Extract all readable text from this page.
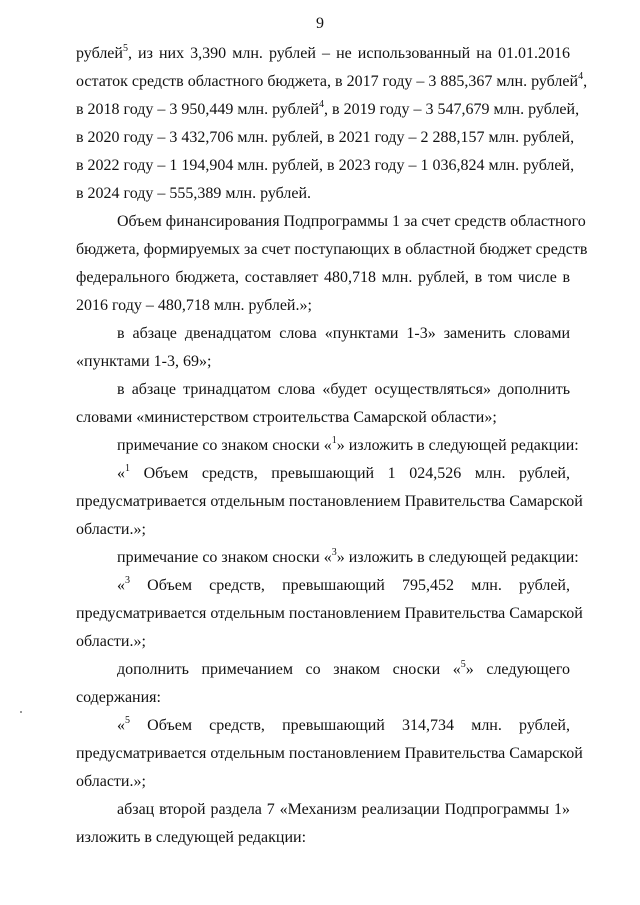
9
рублей$^5$, из них 3,390 млн. рублей – не использованный на 01.01.2016
остаток средств областного бюджета, в 2017 году – 3 885,367 млн. рублей$^4$,
в 2018 году – 3 950,449 млн. рублей$^4$, в 2019 году – 3 547,679 млн. рублей,
в 2020 году – 3 432,706 млн. рублей, в 2021 году – 2 288,157 млн. рублей,
в 2022 году – 1 194,904 млн. рублей, в 2023 году – 1 036,824 млн. рублей,
в 2024 году – 555,389 млн. рублей.
Объем финансирования Подпрограммы 1 за счет средств областного
бюджета, формируемых за счет поступающих в областной бюджет средств
федерального бюджета, составляет 480,718 млн. рублей, в том числе в
2016 году – 480,718 млн. рублей.»;
в абзаце двенадцатом слова «пунктами 1-3» заменить словами
«пунктами 1-3, 69»;
в абзаце тринадцатом слова «будет осуществляться» дополнить
словами «министерством строительства Самарской области»;
примечание со знаком сноски «$^1$» изложить в следующей редакции:
«$^1$ Объем средств, превышающий 1 024,526 млн. рублей,
предусматривается отдельным постановлением Правительства Самарской
области.»;
примечание со знаком сноски «$^3$» изложить в следующей редакции:
«$^3$ Объем средств, превышающий 795,452 млн. рублей,
предусматривается отдельным постановлением Правительства Самарской
области.»;
дополнить примечанием со знаком сноски «$^5$» следующего
содержания:
«$^5$ Объем средств, превышающий 314,734 млн. рублей,
предусматривается отдельным постановлением Правительства Самарской
области.»;
абзац второй раздела 7 «Механизм реализации Подпрограммы 1»
изложить в следующей редакции:
